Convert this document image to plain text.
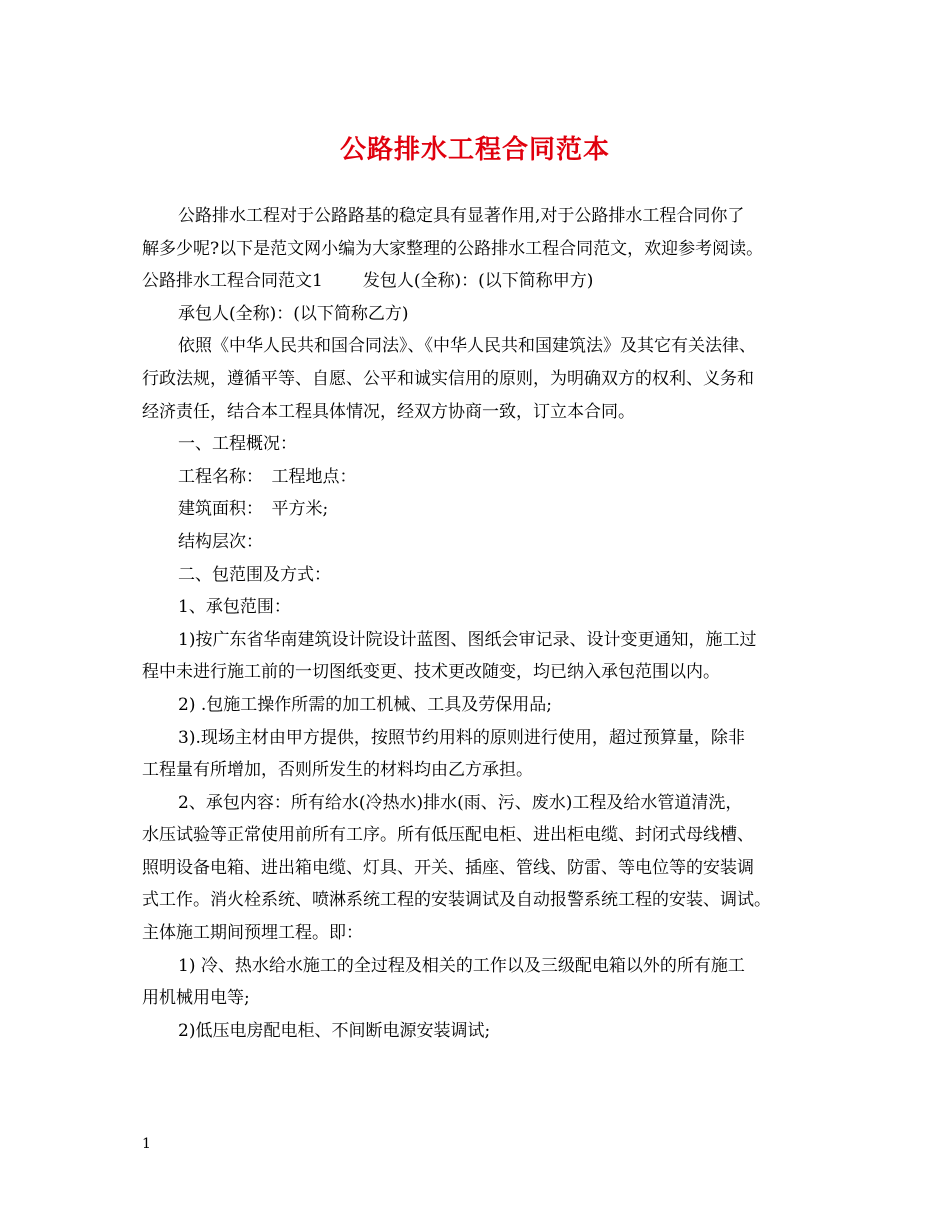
公路排水工程合同范本
公路排水工程对于公路路基的稳定具有显著作用,对于公路排水工程合同你了
解多少呢?以下是范文网小编为大家整理的公路排水工程合同范文，欢迎参考阅读。
公路排水工程合同范文1 发包人(全称)：(以下简称甲方)
承包人(全称)：(以下简称乙方)
依照《中华人民共和国合同法》、《中华人民共和国建筑法》及其它有关法律、
行政法规，遵循平等、自愿、公平和诚实信用的原则，为明确双方的权利、义务和
经济责任，结合本工程具体情况，经双方协商一致，订立本合同。
一、工程概况：
工程名称：　工程地点：
建筑面积：　平方米;
结构层次：
二、包范围及方式：
1、承包范围：
1)按广东省华南建筑设计院设计蓝图、图纸会审记录、设计变更通知，施工过
程中未进行施工前的一切图纸变更、技术更改随变，均已纳入承包范围以内。
2) .包施工操作所需的加工机械、工具及劳保用品;
3).现场主材由甲方提供，按照节约用料的原则进行使用，超过预算量，除非
工程量有所增加，否则所发生的材料均由乙方承担。
2、承包内容：所有给水(冷热水)排水(雨、污、废水)工程及给水管道清洗，
水压试验等正常使用前所有工序。所有低压配电柜、进出柜电缆、封闭式母线槽、
照明设备电箱、进出箱电缆、灯具、开关、插座、管线、防雷、等电位等的安装调
式工作。消火栓系统、喷淋系统工程的安装调试及自动报警系统工程的安装、调试。
主体施工期间预埋工程。即：
1) 冷、热水给水施工的全过程及相关的工作以及三级配电箱以外的所有施工
用机械用电等;
2)低压电房配电柜、不间断电源安装调试;
1
